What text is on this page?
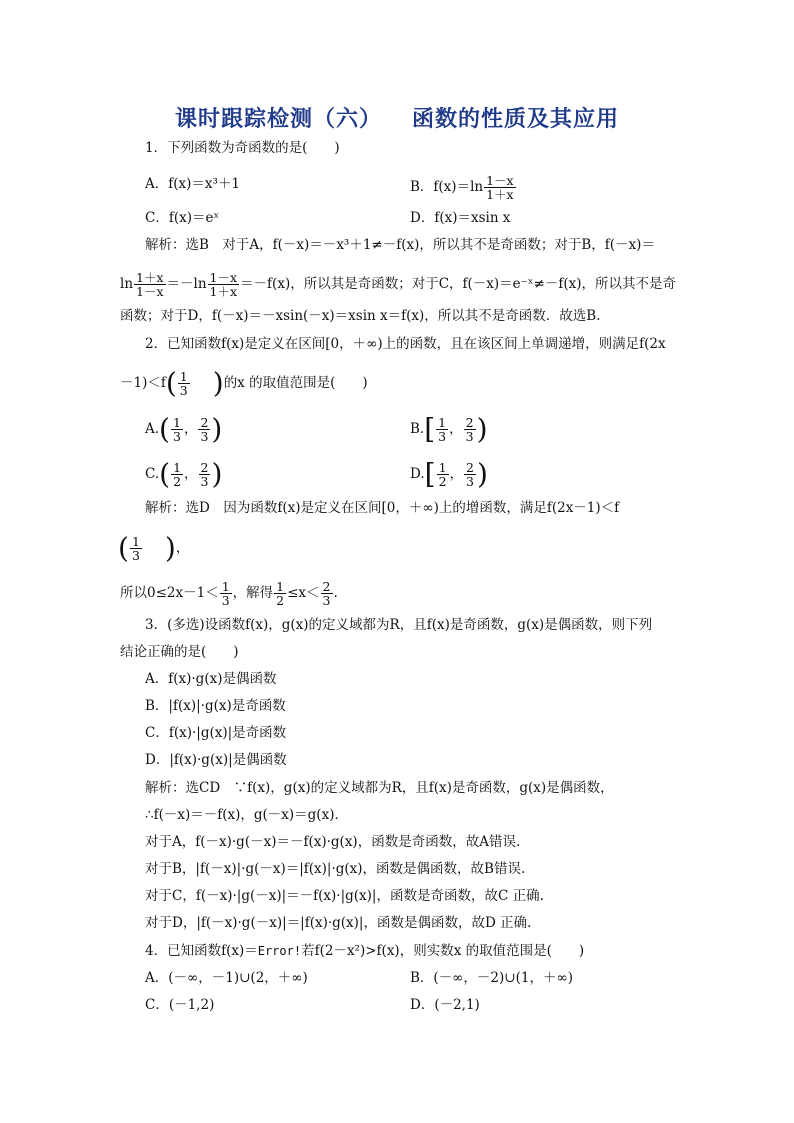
课时跟踪检测（六） 函数的性质及其应用
1．下列函数为奇函数的是(　　)
A．f(x)＝x³＋1	B．$f(x)=\ln \frac{1-x}{1+x}$
C．f(x)＝eˣ	D．f(x)＝xsin x
解析：选B　对于A，f(－x)＝－x³＋1≠－f(x)，所以其不是奇函数；对于B，f(－x)＝
$\ln \frac{1+x}{1-x} =-\ln \frac{1-x}{1+x} =-f(x)$，所以其是奇函数；对于C，f(－x)＝e⁻ˣ≠－f(x)，所以其不是奇
函数；对于D，f(－x)＝－xsin(－x)＝xsin x＝f(x)，所以其不是奇函数．故选B.
2．已知函数f(x)是定义在区间[0，＋∞)上的函数，且在该区间上单调递增，则满足f(2x
$-1)<f( \frac{1}{3}$ )的x 的取值范围是(　　)
$A.( \frac{1}{3}$ ， $\frac{2}{3}$ )	$B.[ \frac{1}{3}$ ， $\frac{2}{3}$ )
$C.( \frac{1}{2}$ ， $\frac{2}{3}$ )	$D.[ \frac{1}{2}$ ， $\frac{2}{3}$ )
解析：选D　因为函数f(x)是定义在区间[0，＋∞)上的增函数，满足f(2x－1)＜f
( $\frac{1}{3}$ )，
所以$0\le 2x-1< \frac{1}{3}$ ，解得 $\frac{1}{2} \le x< \frac{2}{3}$ .
3．(多选)设函数f(x)，g(x)的定义域都为R，且f(x)是奇函数，g(x)是偶函数，则下列
结论正确的是(　　)
A．f(x)·g(x)是偶函数
B．|f(x)|·g(x)是奇函数
C．f(x)·|g(x)|是奇函数
D．|f(x)·g(x)|是偶函数
解析：选CD　∵f(x)，g(x)的定义域都为R，且f(x)是奇函数，g(x)是偶函数，
∴f(－x)＝－f(x)，g(－x)＝g(x)．
对于A，f(－x)·g(－x)＝－f(x)·g(x)，函数是奇函数，故A错误.
对于B，|f(－x)|·g(－x)＝|f(x)|·g(x)，函数是偶函数，故B错误.
对于C，f(－x)·|g(－x)|＝－f(x)·|g(x)|，函数是奇函数，故C 正确.
对于D，|f(－x)·g(－x)|＝|f(x)·g(x)|，函数是偶函数，故D 正确.
4．已知函数f(x)＝Error!若f(2－x²)>f(x)，则实数x 的取值范围是(　　)
A．(－∞，－1)∪(2，＋∞)	B．(－∞，－2)∪(1，＋∞)
C．(－1,2)	D．(－2,1)
